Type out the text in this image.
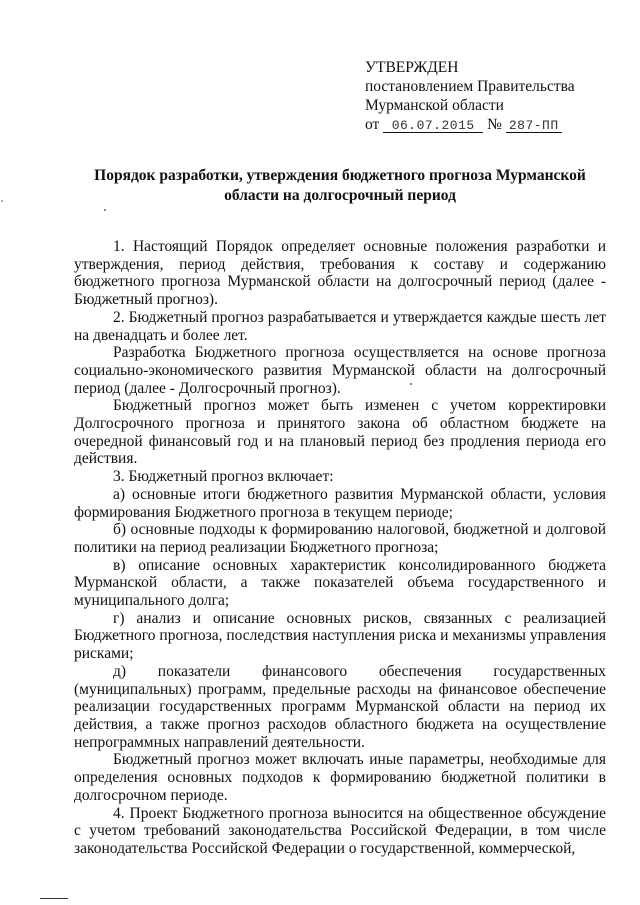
УТВЕРЖДЕН
постановлением Правительства
Мурманской области
от 06.07.2015 № 287-ПП
Порядок разработки, утверждения бюджетного прогноза Мурманской области на долгосрочный период

1. Настоящий Порядок определяет основные положения разработки и утверждения, период действия, требования к составу и содержанию бюджетного прогноза Мурманской области на долгосрочный период (далее - Бюджетный прогноз).

2. Бюджетный прогноз разрабатывается и утверждается каждые шесть лет на двенадцать и более лет.

Разработка Бюджетного прогноза осуществляется на основе прогноза социально-экономического развития Мурманской области на долгосрочный период (далее - Долгосрочный прогноз).

Бюджетный прогноз может быть изменен с учетом корректировки Долгосрочного прогноза и принятого закона об областном бюджете на очередной финансовый год и на плановый период без продления периода его действия.

3. Бюджетный прогноз включает:

а) основные итоги бюджетного развития Мурманской области, условия формирования Бюджетного прогноза в текущем периоде;

б) основные подходы к формированию налоговой, бюджетной и долговой политики на период реализации Бюджетного прогноза;

в) описание основных характеристик консолидированного бюджета Мурманской области, а также показателей объема государственного и муниципального долга;

г) анализ и описание основных рисков, связанных с реализацией Бюджетного прогноза, последствия наступления риска и механизмы управления рисками;

д) показатели финансового обеспечения государственных (муниципальных) программ, предельные расходы на финансовое обеспечение реализации государственных программ Мурманской области на период их действия, а также прогноз расходов областного бюджета на осуществление непрограммных направлений деятельности.

Бюджетный прогноз может включать иные параметры, необходимые для определения основных подходов к формированию бюджетной политики в долгосрочном периоде.

4. Проект Бюджетного прогноза выносится на общественное обсуждение с учетом требований законодательства Российской Федерации, в том числе законодательства Российской Федерации о государственной, коммерческой,
